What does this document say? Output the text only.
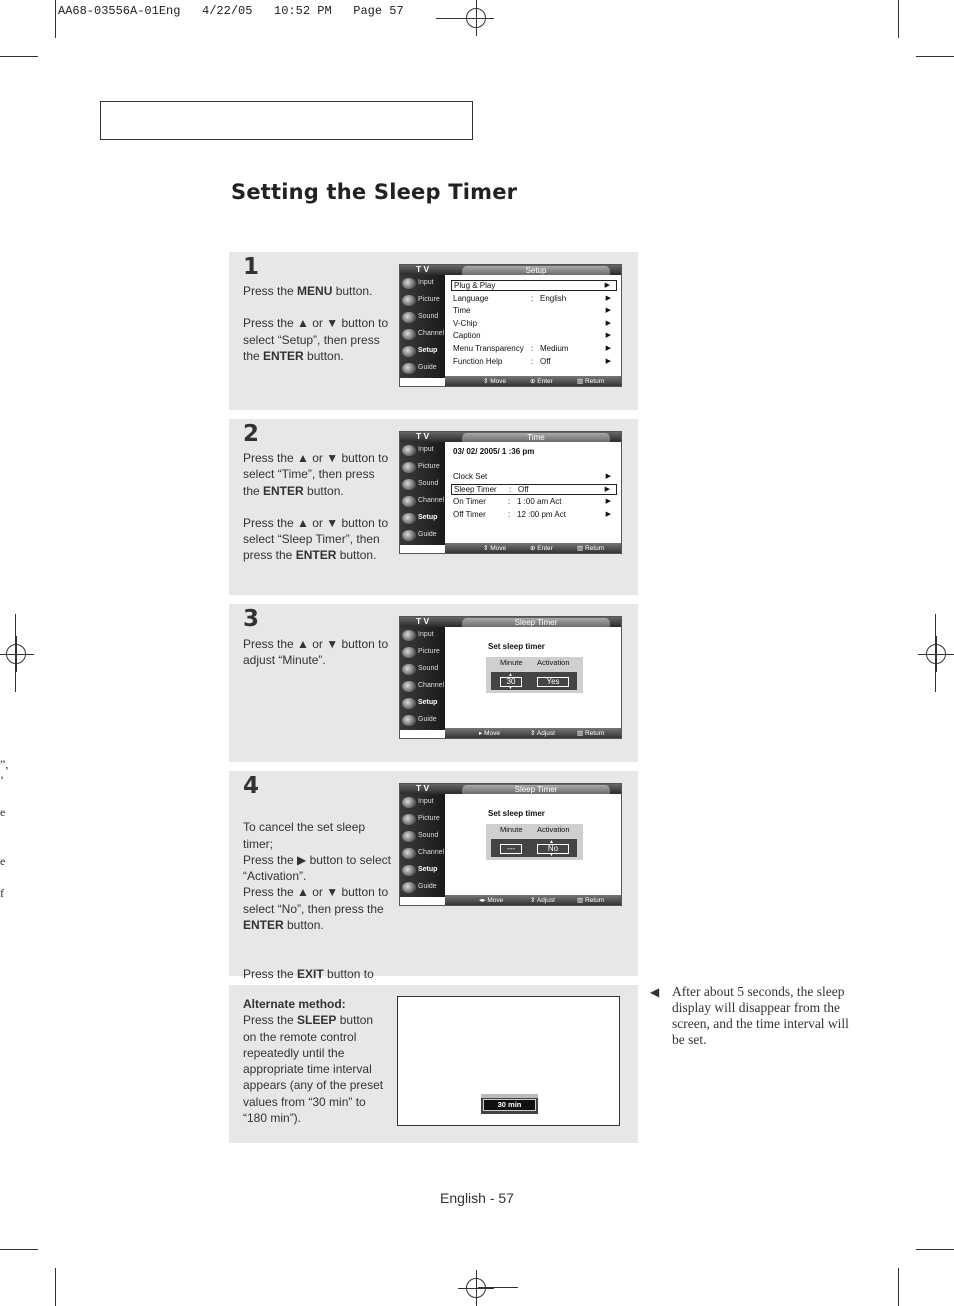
AA68-03556A-01Eng   4/22/05   10:52 PM   Page 57
Setting the Sleep Timer
”,
’
e
e
f
1

Press the MENU button.

Press the ▲ or ▼ button to select “Setup”, then press the ENTER button.

T V	Setup
Input
Picture
Sound
Channel
Setup
Guide
⇕ Move	⊕ Enter	▥ Return
Plug & Play	▶
Language	: English	▶
Time	▶
V-Chip	▶
Caption	▶
Menu Transparency : Medium	▶
Function Help	: Off	▶
2

Press the ▲ or ▼ button to select “Time”, then press the ENTER button.

Press the ▲ or ▼ button to select “Sleep Timer”, then press the ENTER button.

T V	Time
Input
Picture
Sound
Channel
Setup
Guide
03/ 02/ 2005/ 1 :36 pm
⇕ Move	⊕ Enter	▥ Return
Clock Set	▶
Sleep Timer : Off	▶
On Timer	: 1 :00 am Act	▶
Off Timer	: 12 :00 pm Act	▶
3

Press the ▲ or ▼ button to adjust “Minute”.

T V	Sleep Timer
Input
Picture
Sound
Channel
Setup
Guide
Set sleep timer
Minute Activation
▲
30
▼
Yes
▸ Move	⇕ Adjust	▥ Return
4

To cancel the set sleep timer;
Press the ▶ button to select “Activation”.
Press the ▲ or ▼ button to select “No”, then press the ENTER button.

Press the EXIT button to

T V	Sleep Timer
Input
Picture
Sound
Channel
Setup
Guide
Set sleep timer
Minute Activation
---
▲
No
▼
◂▸ Move	⇕ Adjust	▥ Return
Alternate method:
Press the SLEEP button on the remote control repeatedly until the appropriate time interval appears (any of the preset values from “30 min” to “180 min”).
30 min
◀ After about 5 seconds, the sleep display will disappear from the screen, and the time interval will be set.
English - 57
